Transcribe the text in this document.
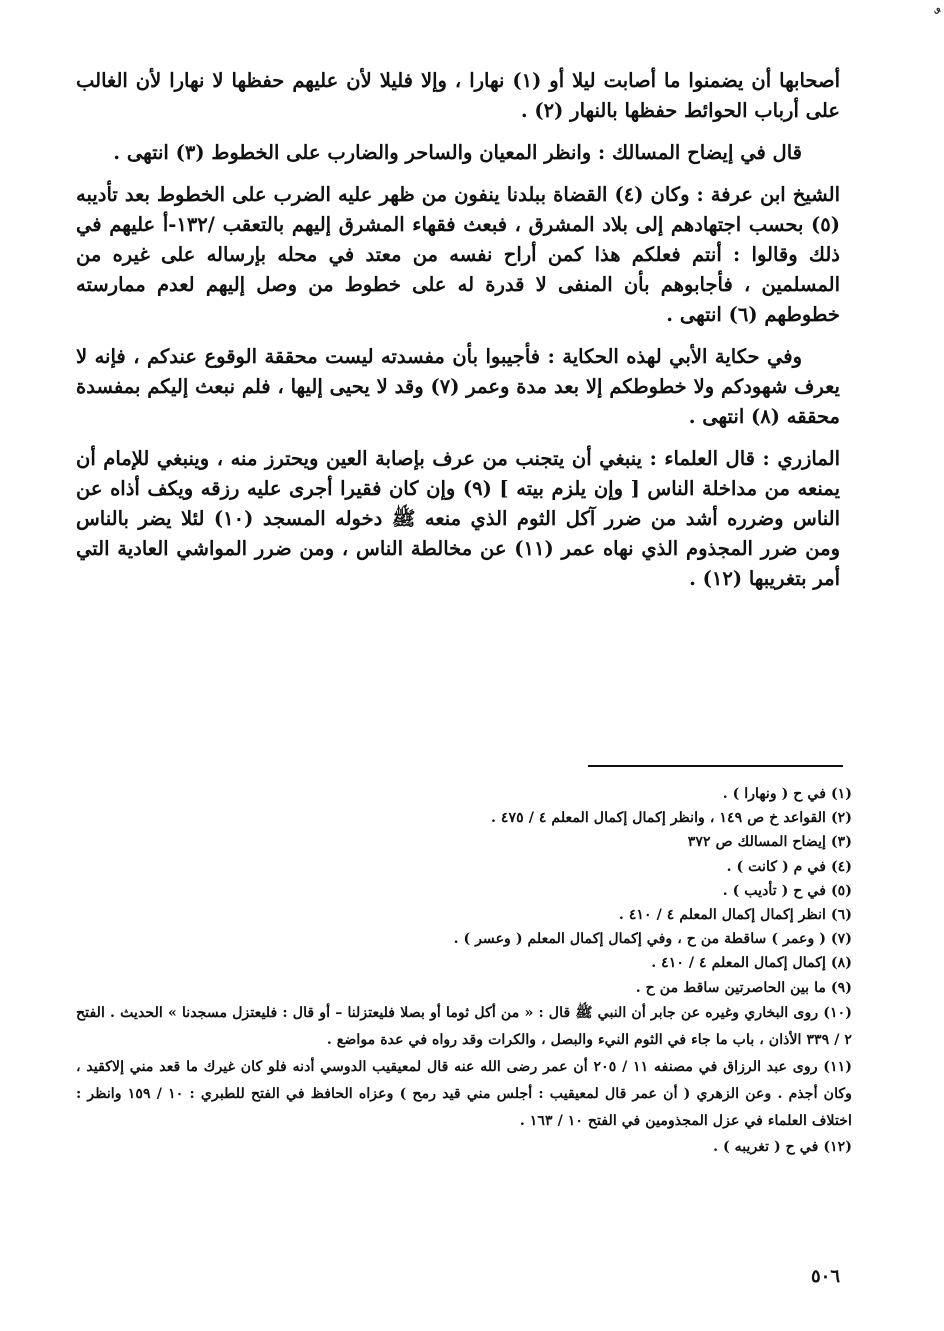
أصحابها أن يضمنوا ما أصابت ليلا أو (١) نهارا ، وإلا فليلا لأن عليهم حفظها لا نهارا لأن الغالب على أرباب الحوائط حفظها بالنهار (٢) .

قال في إيضاح المسالك : وانظر المعيان والساحر والضارب على الخطوط (٣) انتهى .

الشيخ ابن عرفة : وكان (٤) القضاة ببلدنا ينفون من ظهر عليه الضرب على الخطوط بعد تأديبه (٥) بحسب اجتهادهم إلى بلاد المشرق ، فبعث فقهاء المشرق إليهم بالتعقب /١٣٢-أ عليهم في ذلك وقالوا : أنتم فعلكم هذا كمن أراح نفسه من معتد في محله بإرساله على غيره من المسلمين ، فأجابوهم بأن المنفى لا قدرة له على خطوط من وصل إليهم لعدم ممارسته خطوطهم (٦) انتهى .

وفي حكاية الأبي لهذه الحكاية : فأجيبوا بأن مفسدته ليست محققة الوقوع عندكم ، فإنه لا يعرف شهودكم ولا خطوطكم إلا بعد مدة وعمر (٧) وقد لا يحيى إليها ، فلم نبعث إليكم بمفسدة محققه (٨) انتهى .

المازري : قال العلماء : ينبغي أن يتجنب من عرف بإصابة العين ويحترز منه ، وينبغي للإمام أن يمنعه من مداخلة الناس [ وإن يلزم بيته ] (٩) وإن كان فقيرا أجرى عليه رزقه ويكف أذاه عن الناس وضرره أشد من ضرر آكل الثوم الذي منعه ﷺ دخوله المسجد (١٠) لئلا يضر بالناس ومن ضرر المجذوم الذي نهاه عمر (١١) عن مخالطة الناس ، ومن ضرر المواشي العادية التي أمر بتغريبها (١٢) .

(١) في ح ( ونهارا ) .

(٢) القواعد خ ص ١٤٩ ، وانظر إكمال إكمال المعلم ٤ / ٤٧٥ .

(٣) إيضاح المسالك ص ٣٧٢

(٤) في م ( كانت ) .

(٥) في ح ( تأديب ) .

(٦) انظر إكمال إكمال المعلم ٤ / ٤١٠ .

(٧) ( وعمر ) ساقطة من ح ، وفي إكمال إكمال المعلم ( وعسر ) .

(٨) إكمال إكمال المعلم ٤ / ٤١٠ .

(٩) ما بين الحاصرتين ساقط من ح .

(١٠) روى البخاري وغيره عن جابر أن النبي ﷺ قال : « من أكل ثوما أو بصلا فليعتزلنا – أو قال : فليعتزل مسجدنا » الحديث . الفتح ٢ / ٣٣٩ الأذان ، باب ما جاء في الثوم النيء والبصل ، والكرات وقد رواه في عدة مواضع .

(١١) روى عبد الرزاق في مصنفه ١١ / ٢٠٥ أن عمر رضى الله عنه قال لمعيقيب الدوسي أدنه فلو كان غيرك ما قعد مني إلاكقيد ، وكان أجذم . وعن الزهري ( أن عمر قال لمعيقيب : أجلس مني قيد رمح ) وعزاه الحافظ في الفتح للطبري : ١٠ / ١٥٩ وانظر : اختلاف العلماء في عزل المجذومين في الفتح ١٠ / ١٦٣ .

(١٢) في ح ( تغريبه ) .

٥٠٦
